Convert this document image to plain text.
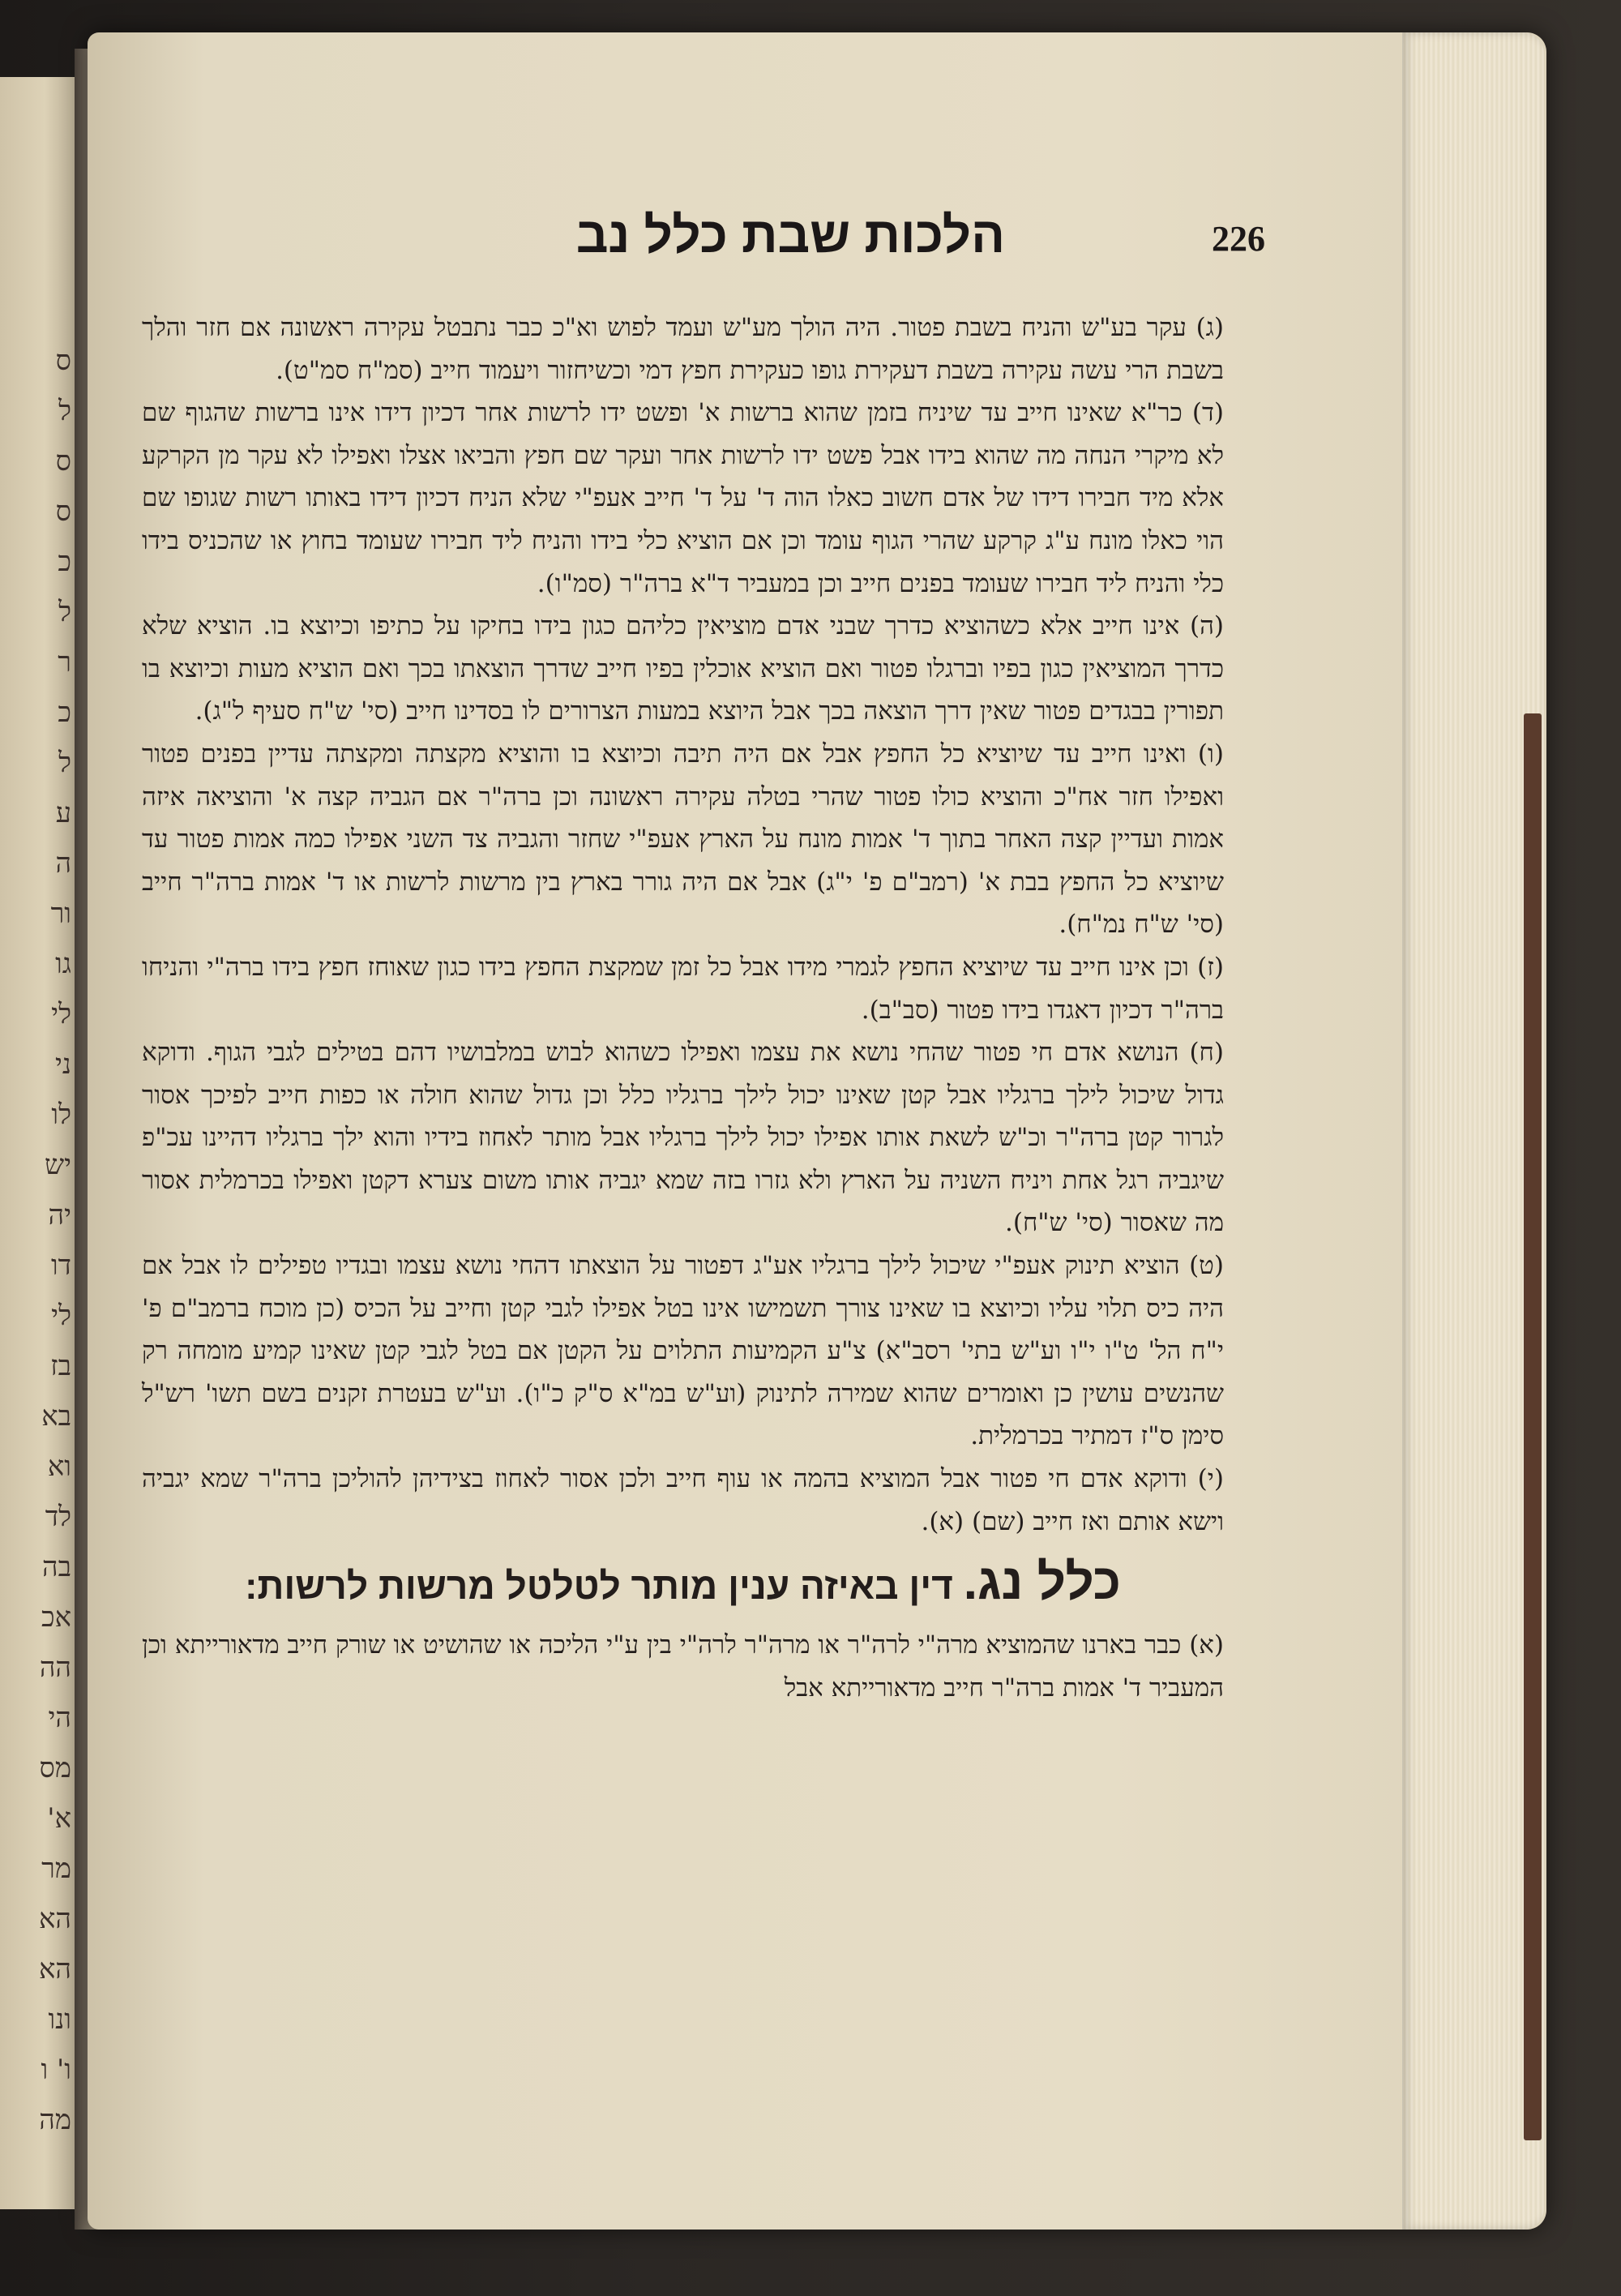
ס
ל
ס
ס
כ
ל
ר
כ
ל
ע
ה
ור
גו
לי
ני
לו
יש
יה
דו
לי
בז
בא
וא
לד
בה
אכ
הה
הי
מס
א'
מר
הא
הא
ונו
ו' ו
מה
הלכות שבת כלל נב	226

(ג) עקר בע"ש והניח בשבת פטור. היה הולך מע"ש ועמד לפוש וא"כ כבר נתבטל עקירה ראשונה אם חזר והלך בשבת הרי עשה עקירה בשבת דעקירת גופו כעקירת חפץ דמי וכשיחזור ויעמוד חייב (סמ"ח סמ"ט).

(ד) כר"א שאינו חייב עד שיניח בזמן שהוא ברשות א' ופשט ידו לרשות אחר דכיון דידו אינו ברשות שהגוף שם לא מיקרי הנחה מה שהוא בידו אבל פשט ידו לרשות אחר ועקר שם חפץ והביאו אצלו ואפילו לא עקר מן הקרקע אלא מיד חבירו דידו של אדם חשוב כאלו הוה ד' על ד' חייב אעפ"י שלא הניח דכיון דידו באותו רשות שגופו שם הוי כאלו מונח ע"ג קרקע שהרי הגוף עומד וכן אם הוציא כלי בידו והניח ליד חבירו שעומד בחוץ או שהכניס בידו כלי והניח ליד חבירו שעומד בפנים חייב וכן במעביר ד"א ברה"ר (סמ"ו).

(ה) אינו חייב אלא כשהוציא כדרך שבני אדם מוציאין כליהם כגון בידו בחיקו על כתיפו וכיוצא בו. הוציא שלא כדרך המוציאין כגון בפיו וברגלו פטור ואם הוציא אוכלין בפיו חייב שדרך הוצאתו בכך ואם הוציא מעות וכיוצא בו תפורין בבגדים פטור שאין דרך הוצאה בכך אבל היוצא במעות הצרורים לו בסדינו חייב (סי' ש"ח סעיף ל"ג).

(ו) ואינו חייב עד שיוציא כל החפץ אבל אם היה תיבה וכיוצא בו והוציא מקצתה ומקצתה עדיין בפנים פטור ואפילו חזר אח"כ והוציא כולו פטור שהרי בטלה עקירה ראשונה וכן ברה"ר אם הגביה קצה א' והוציאה איזה אמות ועדיין קצה האחר בתוך ד' אמות מונח על הארץ אעפ"י שחזר והגביה צד השני אפילו כמה אמות פטור עד שיוציא כל החפץ בבת א' (רמב"ם פ' י"ג) אבל אם היה גורר בארץ בין מרשות לרשות או ד' אמות ברה"ר חייב (סי' ש"ח נמ"ח).

(ז) וכן אינו חייב עד שיוציא החפץ לגמרי מידו אבל כל זמן שמקצת החפץ בידו כגון שאוחז חפץ בידו ברה"י והניחו ברה"ר דכיון דאגדו בידו פטור (סב"ב).

(ח) הנושא אדם חי פטור שהחי נושא את עצמו ואפילו כשהוא לבוש במלבושיו דהם בטילים לגבי הגוף. ודוקא גדול שיכול לילך ברגליו אבל קטן שאינו יכול לילך ברגליו כלל וכן גדול שהוא חולה או כפות חייב לפיכך אסור לגרור קטן ברה"ר וכ"ש לשאת אותו אפילו יכול לילך ברגליו אבל מותר לאחוז בידיו והוא ילך ברגליו דהיינו עכ"פ שיגביה רגל אחת ויניח השניה על הארץ ולא גזרו בזה שמא יגביה אותו משום צערא דקטן ואפילו בכרמלית אסור מה שאסור (סי' ש"ח).

(ט) הוציא תינוק אעפ"י שיכול לילך ברגליו אע"ג דפטור על הוצאתו דהחי נושא עצמו ובגדיו טפילים לו אבל אם היה כיס תלוי עליו וכיוצא בו שאינו צורך תשמישו אינו בטל אפילו לגבי קטן וחייב על הכיס (כן מוכח ברמב"ם פ' י"ח הל' ט"ו י"ו וע"ש בתי' רסב"א) צ"ע הקמיעות התלוים על הקטן אם בטל לגבי קטן שאינו קמיע מומחה רק שהנשים עושין כן ואומרים שהוא שמירה לתינוק (וע"ש במ"א ס"ק כ"ו). וע"ש בעטרת זקנים בשם תשו' רש"ל סימן ס"ז דמתיר בכרמלית.

(י) ודוקא אדם חי פטור אבל המוציא בהמה או עוף חייב ולכן אסור לאחוז בצידיהן להוליכן ברה"ר שמא יגביה וישא אותם ואז חייב (שם) (א).

כלל נג. דין באיזה ענין מותר לטלטל מרשות לרשות:

(א) כבר בארנו שהמוציא מרה"י לרה"ר או מרה"ר לרה"י בין ע"י הליכה או שהושיט או שורק חייב מדאורייתא וכן המעביר ד' אמות ברה"ר חייב מדאורייתא אבל
